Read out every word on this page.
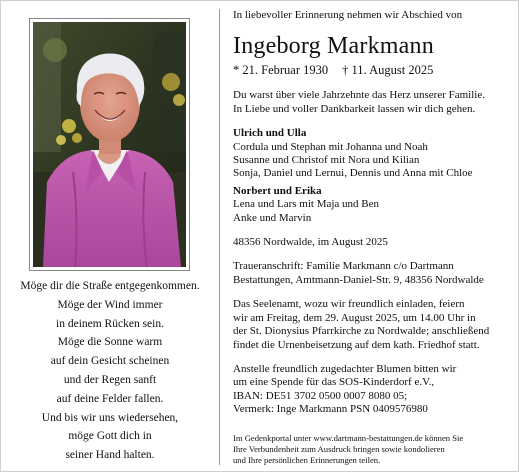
Möge dir die Straße entgegenkommen.
Möge der Wind immer
in deinem Rücken sein.
Möge die Sonne warm
auf dein Gesicht scheinen
und der Regen sanft
auf deine Felder fallen.
Und bis wir uns wiedersehen,
möge Gott dich in
seiner Hand halten.
In liebevoller Erinnerung nehmen wir Abschied von
Ingeborg Markmann
* 21. Februar 1930 † 11. August 2025
Du warst über viele Jahrzehnte das Herz unserer Familie.
In Liebe und voller Dankbarkeit lassen wir dich gehen.
Ulrich und Ulla
Cordula und Stephan mit Johanna und Noah
Susanne und Christof mit Nora und Kilian
Sonja, Daniel und Lernui, Dennis und Anna mit Chloe
Norbert und Erika
Lena und Lars mit Maja und Ben
Anke und Marvin
48356 Nordwalde, im August 2025
Traueranschrift: Familie Markmann c/o Dartmann
Bestattungen, Amtmann-Daniel-Str. 9, 48356 Nordwalde
Das Seelenamt, wozu wir freundlich einladen, feiern
wir am Freitag, dem 29. August 2025, um 14.00 Uhr in
der St. Dionysius Pfarrkirche zu Nordwalde; anschließend
findet die Urnenbeisetzung auf dem kath. Friedhof statt.
Anstelle freundlich zugedachter Blumen bitten wir
um eine Spende für das SOS-Kinderdorf e.V.,
IBAN: DE51 3702 0500 0007 8080 05;
Vermerk: Inge Markmann PSN 0409576980
Im Gedenkportal unter www.dartmann-bestattungen.de können Sie
Ihre Verbundenheit zum Ausdruck bringen sowie kondolieren
und Ihre persönlichen Erinnerungen teilen.
